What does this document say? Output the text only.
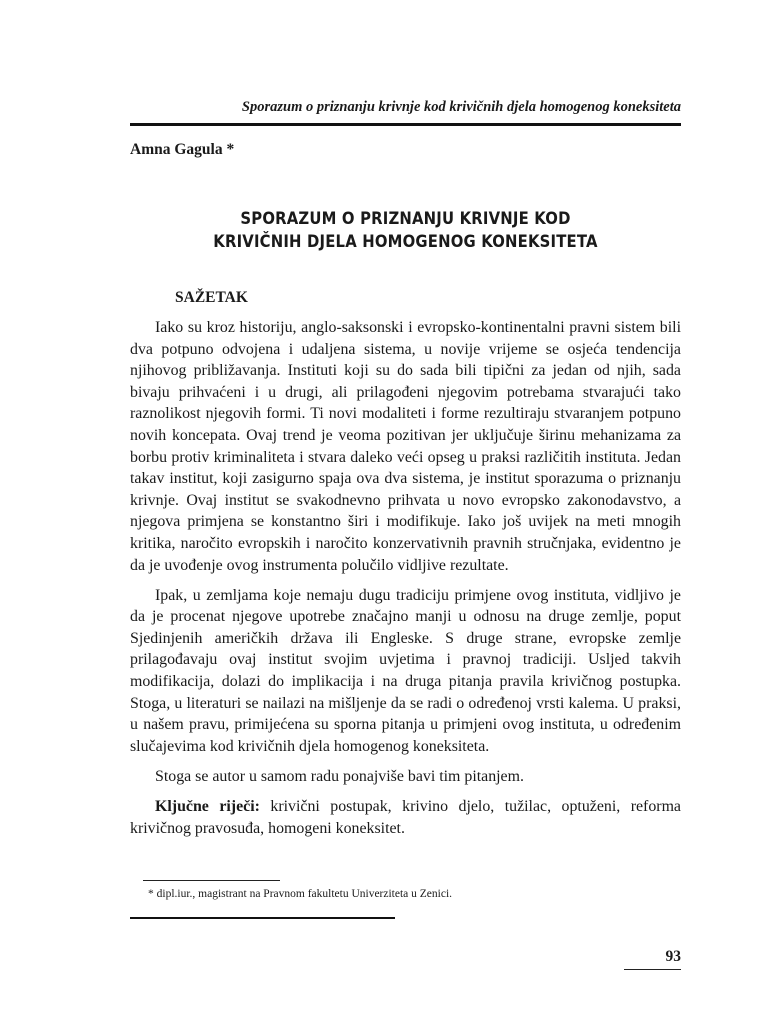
Sporazum o priznanju krivnje kod krivičnih djela homogenog koneksiteta
Amna Gagula *
SPORAZUM O PRIZNANJU KRIVNJE KOD
KRIVIČNIH DJELA HOMOGENOG KONEKSITETA
SAŽETAK

Iako su kroz historiju, anglo-saksonski i evropsko-kontinentalni pravni sistem bili dva potpuno odvojena i udaljena sistema, u novije vrijeme se osjeća tendencija njihovog približavanja. Instituti koji su do sada bili tipični za jedan od njih, sada bivaju prihvaćeni i u drugi, ali prilagođeni njegovim potrebama stvarajući tako raznolikost njegovih formi. Ti novi modaliteti i forme rezultiraju stvaranjem potpuno novih koncepata. Ovaj trend je veoma pozitivan jer uključuje širinu mehanizama za borbu protiv kriminaliteta i stvara daleko veći opseg u praksi različitih instituta. Jedan takav institut, koji zasigurno spaja ova dva sistema, je institut sporazuma o priznanju krivnje. Ovaj institut se svakodnevno prihvata u novo evropsko zakonodavstvo, a njegova primjena se konstantno širi i modifikuje. Iako još uvijek na meti mnogih kritika, naročito evropskih i naročito konzervativnih pravnih stručnjaka, evidentno je da je uvođenje ovog instrumenta polučilo vidljive rezultate.

Ipak, u zemljama koje nemaju dugu tradiciju primjene ovog instituta, vidljivo je da je procenat njegove upotrebe značajno manji u odnosu na druge zemlje, poput Sjedinjenih američkih država ili Engleske. S druge strane, evropske zemlje prilagođavaju ovaj institut svojim uvjetima i pravnoj tradiciji. Usljed takvih modifikacija, dolazi do implikacija i na druga pitanja pravila krivičnog postupka. Stoga, u literaturi se nailazi na mišljenje da se radi o određenoj vrsti kalema. U praksi, u našem pravu, primijećena su sporna pitanja u primjeni ovog instituta, u određenim slučajevima kod krivičnih djela homogenog koneksiteta.

Stoga se autor u samom radu ponajviše bavi tim pitanjem.

Ključne riječi: krivični postupak, krivino djelo, tužilac, optuženi, reforma krivičnog pravosuđa, homogeni koneksitet.

* dipl.iur., magistrant na Pravnom fakultetu Univerziteta u Zenici.
93
